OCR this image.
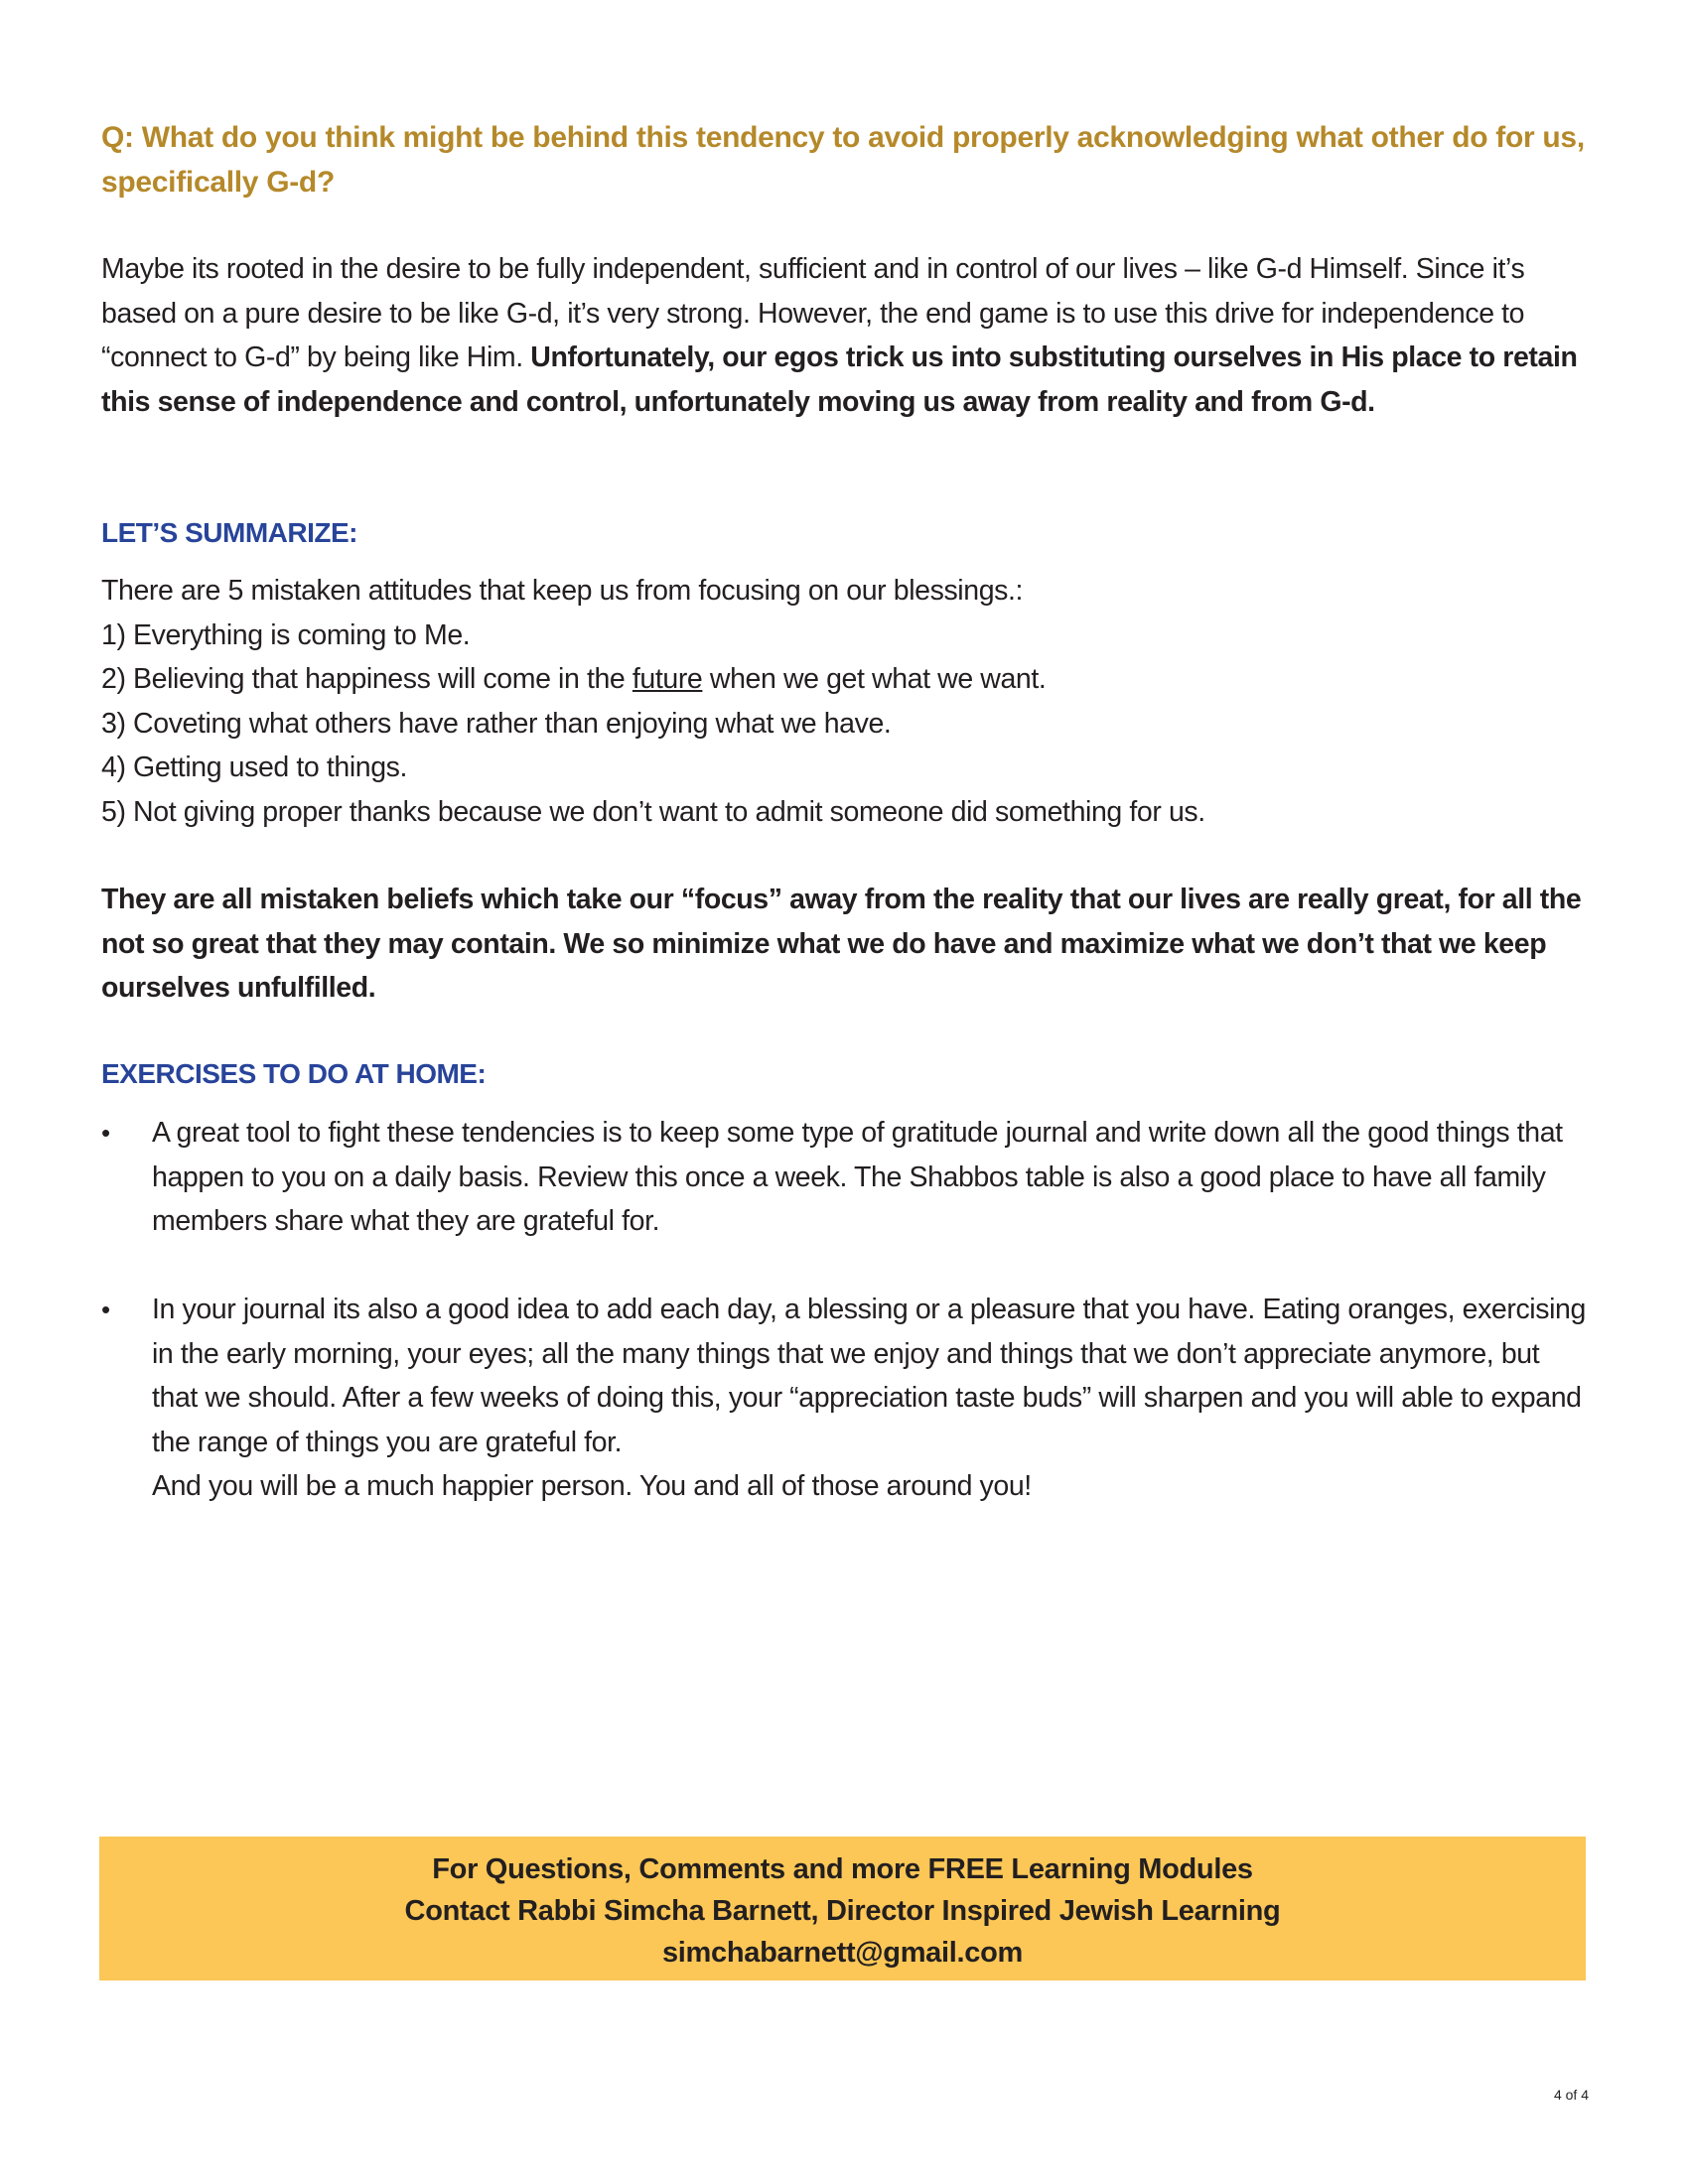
Q: What do you think might be behind this tendency to avoid properly acknowledging what other do for us, specifically G-d?
Maybe its rooted in the desire to be fully independent, sufficient and in control of our lives – like G-d Himself. Since it’s based on a pure desire to be like G-d, it’s very strong. However, the end game is to use this drive for independence to “connect to G-d” by being like Him. Unfortunately, our egos trick us into substituting ourselves in His place to retain this sense of independence and control, unfortunately moving us away from reality and from G-d.
LET’S SUMMARIZE:
There are 5 mistaken attitudes that keep us from focusing on our blessings.:
1) Everything is coming to Me.
2) Believing that happiness will come in the future when we get what we want.
3) Coveting what others have rather than enjoying what we have.
4) Getting used to things.
5) Not giving proper thanks because we don’t want to admit someone did something for us.
They are all mistaken beliefs which take our “focus” away from the reality that our lives are really great, for all the not so great that they may contain. We so minimize what we do have and maximize what we don’t that we keep ourselves unfulfilled.
EXERCISES TO DO AT HOME:
• A great tool to fight these tendencies is to keep some type of gratitude journal and write down all the good things that happen to you on a daily basis. Review this once a week. The Shabbos table is also a good place to have all family members share what they are grateful for.
• In your journal its also a good idea to add each day, a blessing or a pleasure that you have. Eating oranges, exercising in the early morning, your eyes; all the many things that we enjoy and things that we don’t appreciate anymore, but that we should. After a few weeks of doing this, your “appreciation taste buds” will sharpen and you will able to expand the range of things you are grateful for.
And you will be a much happier person. You and all of those around you!
For Questions, Comments and more FREE Learning Modules
Contact Rabbi Simcha Barnett, Director Inspired Jewish Learning
simchabarnett@gmail.com
4 of 4
